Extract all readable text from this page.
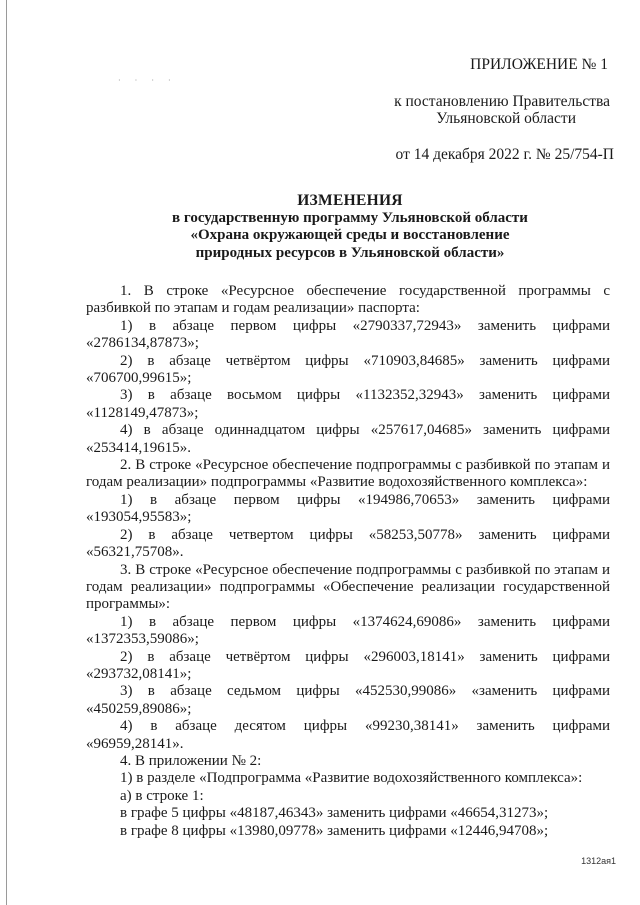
· · · ·
ПРИЛОЖЕНИЕ № 1
к постановлению Правительства
Ульяновской области
от 14 декабря 2022 г. № 25/754-П
ИЗМЕНЕНИЯ
в государственную программу Ульяновской области
«Охрана окружающей среды и восстановление
природных ресурсов в Ульяновской области»

1. В строке «Ресурсное обеспечение государственной программы с разбивкой по этапам и годам реализации» паспорта:

1) в абзаце первом цифры «2790337,72943» заменить цифрами «2786134,87873»;

2) в абзаце четвёртом цифры «710903,84685» заменить цифрами «706700,99615»;

3) в абзаце восьмом цифры «1132352,32943» заменить цифрами «1128149,47873»;

4) в абзаце одиннадцатом цифры «257617,04685» заменить цифрами «253414,19615».

2. В строке «Ресурсное обеспечение подпрограммы с разбивкой по этапам и годам реализации» подпрограммы «Развитие водохозяйственного комплекса»:

1) в абзаце первом цифры «194986,70653» заменить цифрами «193054,95583»;

2) в абзаце четвертом цифры «58253,50778» заменить цифрами «56321,75708».

3. В строке «Ресурсное обеспечение подпрограммы с разбивкой по этапам и годам реализации» подпрограммы «Обеспечение реализации государственной программы»:

1) в абзаце первом цифры «1374624,69086» заменить цифрами «1372353,59086»;

2) в абзаце четвёртом цифры «296003,18141» заменить цифрами «293732,08141»;

3) в абзаце седьмом цифры «452530,99086» «заменить цифрами «450259,89086»;

4) в абзаце десятом цифры «99230,38141» заменить цифрами «96959,28141».

4. В приложении № 2:

1) в разделе «Подпрограмма «Развитие водохозяйственного комплекса»:

а) в строке 1:

в графе 5 цифры «48187,46343» заменить цифрами «46654,31273»;

в графе 8 цифры «13980,09778» заменить цифрами «12446,94708»;

1312ая1
